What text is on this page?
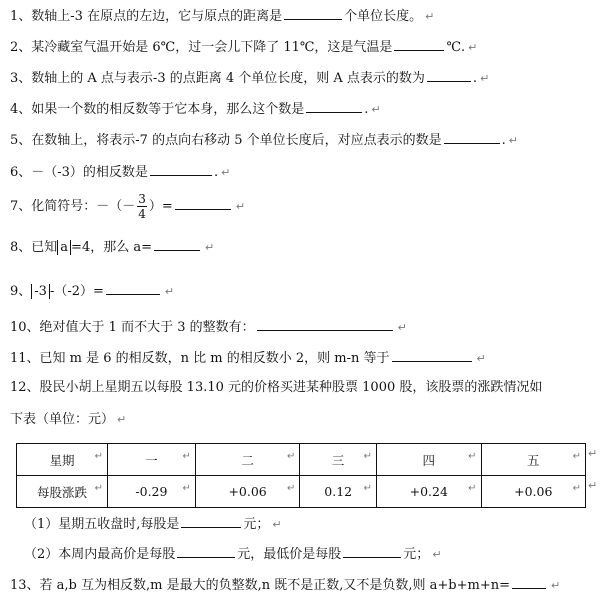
1、数轴上-3 在原点的左边，它与原点的距离是	个单位长度。 ↵
2、某冷藏室气温开始是 6℃，过一会儿下降了 11℃，这是气温是	℃. ↵
3、数轴上的 A 点与表示-3 的点距离 4 个单位长度，则 A 点表示的数为	. ↵
4、如果一个数的相反数等于它本身，那么这个数是	. ↵
5、在数轴上，将表示-7 的点向右移动 5 个单位长度后，对应点表示的数是	. ↵
6、－（-3）的相反数是	. ↵
7、化简符号：－（－ $\frac{3}{4}$ ）=	↵
8、已知 a =4，那么 a=	↵
9、 -3 -（-2）=	↵
10、绝对值大于 1 而不大于 3 的整数有：	↵
11、已知 m 是 6 的相反数，n 比 m 的相反数小 2，则 m-n 等于	↵
12、股民小胡上星期五以每股 13.10 元的价格买进某种股票 1000 股，该股票的涨跌情况如
下表（单位：元） ↵
星期 ↵	一 ↵	二 ↵	三 ↵	四 ↵	五 ↵

每股涨跌 ↵	-0.29 ↵	+0.06 ↵	0.12 ↵	+0.24 ↵	+0.06 ↵
↵
↵
（1）星期五收盘时,每股是	元； ↵
（2）本周内最高价是每股	元，最低价是每股	元； ↵
13、若 a,b 互为相反数,m 是最大的负整数,n 既不是正数,又不是负数,则 a+b+m+n=	↵
